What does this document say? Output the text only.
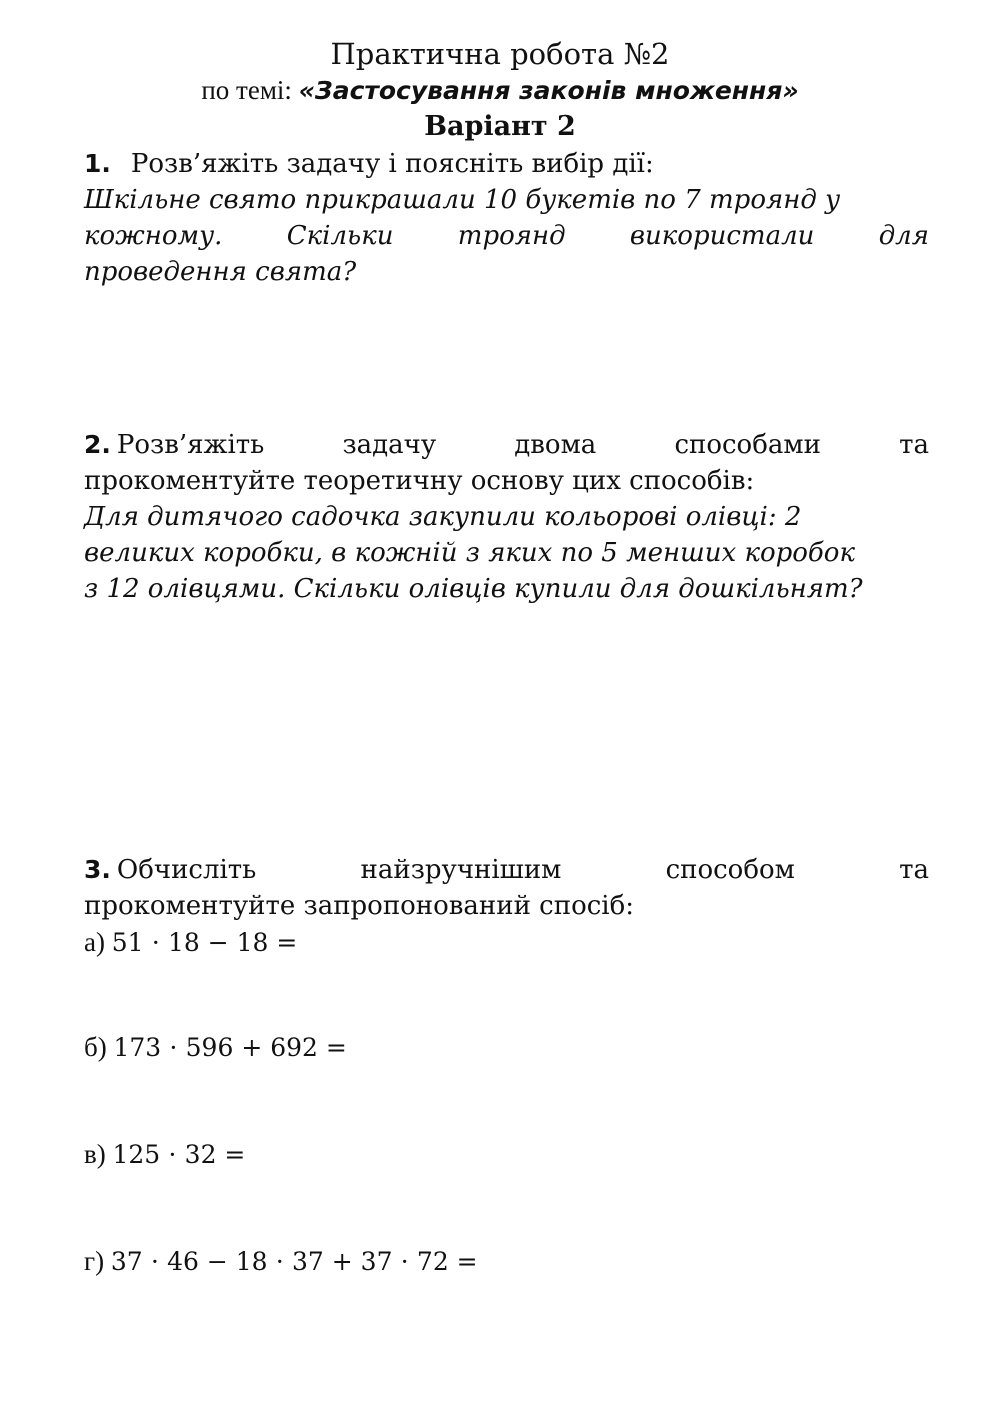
Практична робота №2
по темі: «Застосування законів множення»
Варіант 2
1. Розв’яжіть задачу і поясніть вибір дії:
Шкільне свято прикрашали 10 букетів по 7 троянд у
кожному. Скільки троянд використали для
проведення свята?
2. Розв’яжіть	задачу	двома	способами	та
прокоментуйте теоретичну основу цих способів:
Для дитячого садочка закупили кольорові олівці: 2
великих коробки, в кожній з яких по 5 менших коробок
з 12 олівцями. Скільки олівців купили для дошкільнят?
3. Обчисліть	найзручнішим	способом	та
прокоментуйте запропонований спосіб:
а) 51 ⋅ 18 − 18 =
б) 173 ⋅ 596 + 692 =
в) 125 ⋅ 32 =
г) 37 ⋅ 46 − 18 ⋅ 37 + 37 ⋅ 72 =
